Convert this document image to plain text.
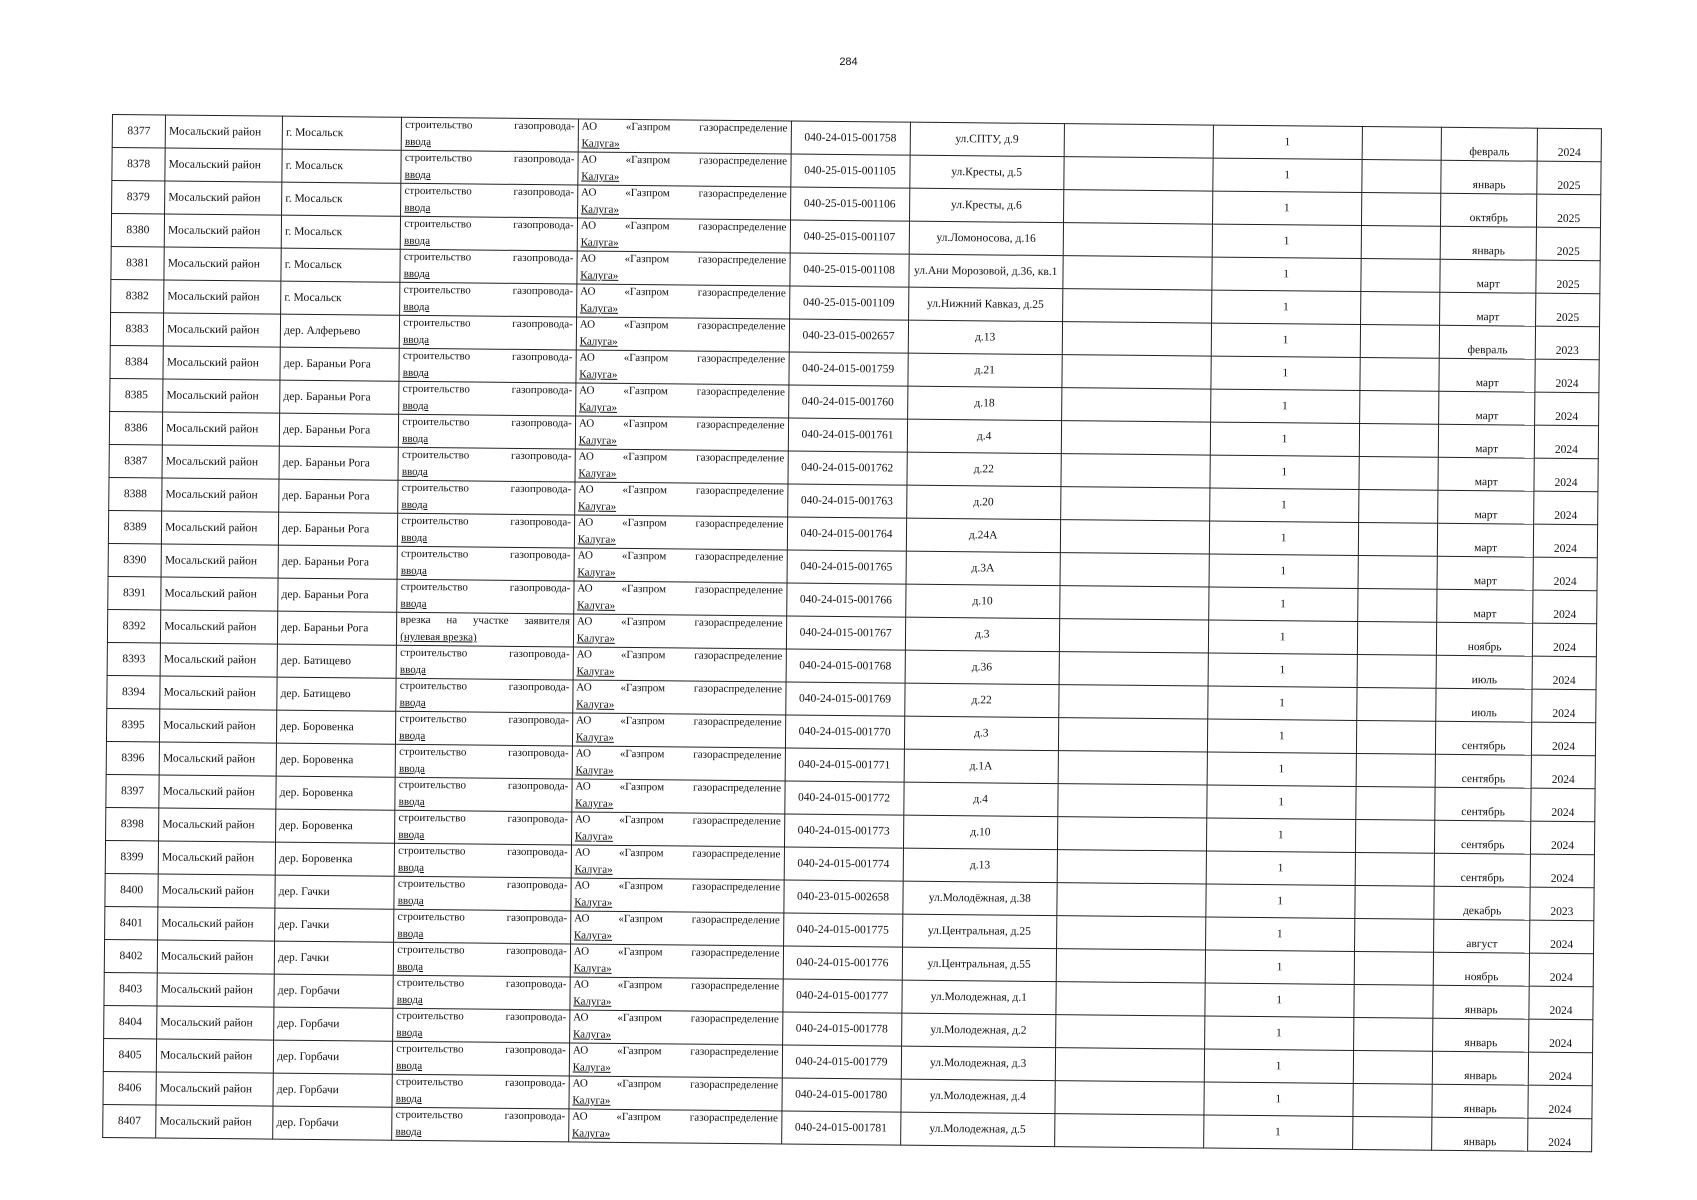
284
8377	Мосальский район	г. Мосальск	строительство газопровода-
ввода	АО «Газпром газораспределение
Калуга»	040-24-015-001758	ул.СПТУ, д.9		1		февраль	2024
8378	Мосальский район	г. Мосальск	строительство газопровода-
ввода	АО «Газпром газораспределение
Калуга»	040-25-015-001105	ул.Кресты, д.5		1		январь	2025
8379	Мосальский район	г. Мосальск	строительство газопровода-
ввода	АО «Газпром газораспределение
Калуга»	040-25-015-001106	ул.Кресты, д.6		1		октябрь	2025
8380	Мосальский район	г. Мосальск	строительство газопровода-
ввода	АО «Газпром газораспределение
Калуга»	040-25-015-001107	ул.Ломоносова, д.16		1		январь	2025
8381	Мосальский район	г. Мосальск	строительство газопровода-
ввода	АО «Газпром газораспределение
Калуга»	040-25-015-001108	ул.Ани Морозовой, д.36, кв.1		1		март	2025
8382	Мосальский район	г. Мосальск	строительство газопровода-
ввода	АО «Газпром газораспределение
Калуга»	040-25-015-001109	ул.Нижний Кавказ, д.25		1		март	2025
8383	Мосальский район	дер. Алферьево	строительство газопровода-
ввода	АО «Газпром газораспределение
Калуга»	040-23-015-002657	д.13		1		февраль	2023
8384	Мосальский район	дер. Бараньи Рога	строительство газопровода-
ввода	АО «Газпром газораспределение
Калуга»	040-24-015-001759	д.21		1		март	2024
8385	Мосальский район	дер. Бараньи Рога	строительство газопровода-
ввода	АО «Газпром газораспределение
Калуга»	040-24-015-001760	д.18		1		март	2024
8386	Мосальский район	дер. Бараньи Рога	строительство газопровода-
ввода	АО «Газпром газораспределение
Калуга»	040-24-015-001761	д.4		1		март	2024
8387	Мосальский район	дер. Бараньи Рога	строительство газопровода-
ввода	АО «Газпром газораспределение
Калуга»	040-24-015-001762	д.22		1		март	2024
8388	Мосальский район	дер. Бараньи Рога	строительство газопровода-
ввода	АО «Газпром газораспределение
Калуга»	040-24-015-001763	д.20		1		март	2024
8389	Мосальский район	дер. Бараньи Рога	строительство газопровода-
ввода	АО «Газпром газораспределение
Калуга»	040-24-015-001764	д.24А		1		март	2024
8390	Мосальский район	дер. Бараньи Рога	строительство газопровода-
ввода	АО «Газпром газораспределение
Калуга»	040-24-015-001765	д.3А		1		март	2024
8391	Мосальский район	дер. Бараньи Рога	строительство газопровода-
ввода	АО «Газпром газораспределение
Калуга»	040-24-015-001766	д.10		1		март	2024
8392	Мосальский район	дер. Бараньи Рога	врезка на участке заявителя
(нулевая врезка)	АО «Газпром газораспределение
Калуга»	040-24-015-001767	д.3		1		ноябрь	2024
8393	Мосальский район	дер. Батищево	строительство газопровода-
ввода	АО «Газпром газораспределение
Калуга»	040-24-015-001768	д.36		1		июль	2024
8394	Мосальский район	дер. Батищево	строительство газопровода-
ввода	АО «Газпром газораспределение
Калуга»	040-24-015-001769	д.22		1		июль	2024
8395	Мосальский район	дер. Боровенка	строительство газопровода-
ввода	АО «Газпром газораспределение
Калуга»	040-24-015-001770	д.3		1		сентябрь	2024
8396	Мосальский район	дер. Боровенка	строительство газопровода-
ввода	АО «Газпром газораспределение
Калуга»	040-24-015-001771	д.1А		1		сентябрь	2024
8397	Мосальский район	дер. Боровенка	строительство газопровода-
ввода	АО «Газпром газораспределение
Калуга»	040-24-015-001772	д.4		1		сентябрь	2024
8398	Мосальский район	дер. Боровенка	строительство газопровода-
ввода	АО «Газпром газораспределение
Калуга»	040-24-015-001773	д.10		1		сентябрь	2024
8399	Мосальский район	дер. Боровенка	строительство газопровода-
ввода	АО «Газпром газораспределение
Калуга»	040-24-015-001774	д.13		1		сентябрь	2024
8400	Мосальский район	дер. Гачки	строительство газопровода-
ввода	АО «Газпром газораспределение
Калуга»	040-23-015-002658	ул.Молодёжная, д.38		1		декабрь	2023
8401	Мосальский район	дер. Гачки	строительство газопровода-
ввода	АО «Газпром газораспределение
Калуга»	040-24-015-001775	ул.Центральная, д.25		1		август	2024
8402	Мосальский район	дер. Гачки	строительство газопровода-
ввода	АО «Газпром газораспределение
Калуга»	040-24-015-001776	ул.Центральная, д.55		1		ноябрь	2024
8403	Мосальский район	дер. Горбачи	строительство газопровода-
ввода	АО «Газпром газораспределение
Калуга»	040-24-015-001777	ул.Молодежная, д.1		1		январь	2024
8404	Мосальский район	дер. Горбачи	строительство газопровода-
ввода	АО «Газпром газораспределение
Калуга»	040-24-015-001778	ул.Молодежная, д.2		1		январь	2024
8405	Мосальский район	дер. Горбачи	строительство газопровода-
ввода	АО «Газпром газораспределение
Калуга»	040-24-015-001779	ул.Молодежная, д.3		1		январь	2024
8406	Мосальский район	дер. Горбачи	строительство газопровода-
ввода	АО «Газпром газораспределение
Калуга»	040-24-015-001780	ул.Молодежная, д.4		1		январь	2024
8407	Мосальский район	дер. Горбачи	строительство газопровода-
ввода	АО «Газпром газораспределение
Калуга»	040-24-015-001781	ул.Молодежная, д.5		1		январь	2024
